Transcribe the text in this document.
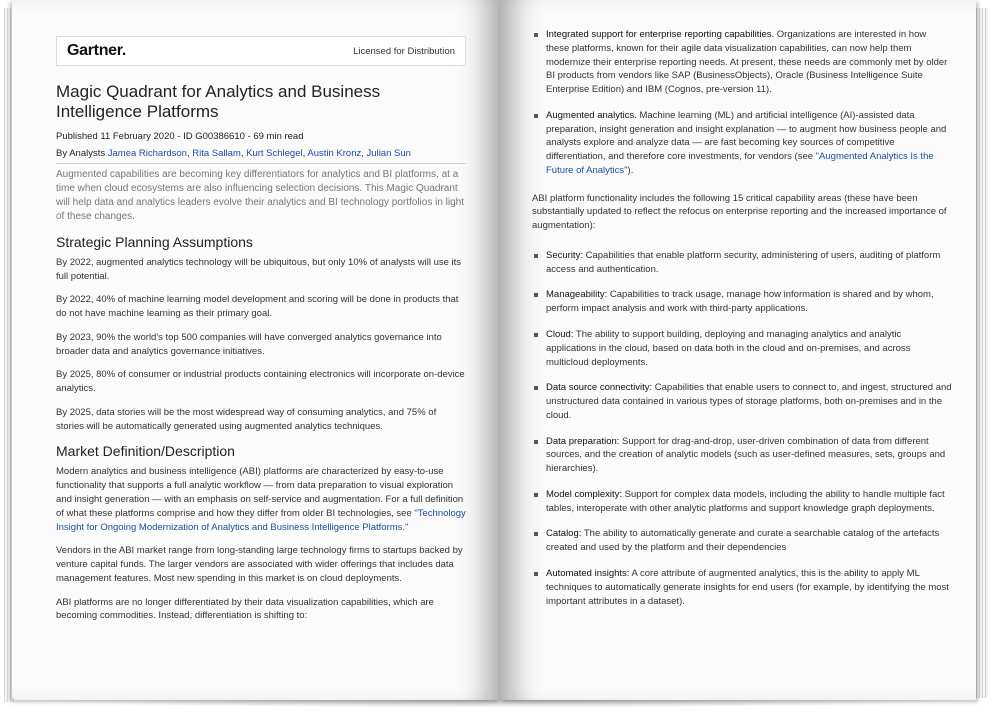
Gartner.	Licensed for Distribution
Magic Quadrant for Analytics and Business Intelligence Platforms
Published 11 February 2020 - ID G00386610 - 69 min read
By Analysts Jamea Richardson, Rita Sallam, Kurt Schlegel, Austin Kronz, Julian Sun
Augmented capabilities are becoming key differentiators for analytics and BI platforms, at a time when cloud ecosystems are also influencing selection decisions. This Magic Quadrant will help data and analytics leaders evolve their analytics and BI technology portfolios in light of these changes.
Strategic Planning Assumptions

By 2022, augmented analytics technology will be ubiquitous, but only 10% of analysts will use its full potential.

By 2022, 40% of machine learning model development and scoring will be done in products that do not have machine learning as their primary goal.

By 2023, 90% the world's top 500 companies will have converged analytics governance into broader data and analytics governance initiatives.

By 2025, 80% of consumer or industrial products containing electronics will incorporate on-device analytics.

By 2025, data stories will be the most widespread way of consuming analytics, and 75% of stories will be automatically generated using augmented analytics techniques.

Market Definition/Description

Modern analytics and business intelligence (ABI) platforms are characterized by easy-to-use functionality that supports a full analytic workflow — from data preparation to visual exploration and insight generation — with an emphasis on self-service and augmentation. For a full definition of what these platforms comprise and how they differ from older BI technologies, see "Technology Insight for Ongoing Modernization of Analytics and Business Intelligence Platforms."

Vendors in the ABI market range from long-standing large technology firms to startups backed by venture capital funds. The larger vendors are associated with wider offerings that includes data management features. Most new spending in this market is on cloud deployments.

ABI platforms are no longer differentiated by their data visualization capabilities, which are becoming commodities. Instead, differentiation is shifting to:

Integrated support for enterprise reporting capabilities. Organizations are interested in how these platforms, known for their agile data visualization capabilities, can now help them modernize their enterprise reporting needs. At present, these needs are commonly met by older BI products from vendors like SAP (BusinessObjects), Oracle (Business Intelligence Suite Enterprise Edition) and IBM (Cognos, pre-version 11).
Augmented analytics. Machine learning (ML) and artificial intelligence (AI)-assisted data preparation, insight generation and insight explanation — to augment how business people and analysts explore and analyze data — are fast becoming key sources of competitive differentiation, and therefore core investments, for vendors (see "Augmented Analytics Is the Future of Analytics").

ABI platform functionality includes the following 15 critical capability areas (these have been substantially updated to reflect the refocus on enterprise reporting and the increased importance of augmentation):

Security: Capabilities that enable platform security, administering of users, auditing of platform access and authentication.
Manageability: Capabilities to track usage, manage how information is shared and by whom, perform impact analysis and work with third-party applications.
Cloud: The ability to support building, deploying and managing analytics and analytic applications in the cloud, based on data both in the cloud and on-premises, and across multicloud deployments.
Data source connectivity: Capabilities that enable users to connect to, and ingest, structured and unstructured data contained in various types of storage platforms, both on-premises and in the cloud.
Data preparation: Support for drag-and-drop, user-driven combination of data from different sources, and the creation of analytic models (such as user-defined measures, sets, groups and hierarchies).
Model complexity: Support for complex data models, including the ability to handle multiple fact tables, interoperate with other analytic platforms and support knowledge graph deployments.
Catalog: The ability to automatically generate and curate a searchable catalog of the artefacts created and used by the platform and their dependencies
Automated insights: A core attribute of augmented analytics, this is the ability to apply ML techniques to automatically generate insights for end users (for example, by identifying the most important attributes in a dataset).
